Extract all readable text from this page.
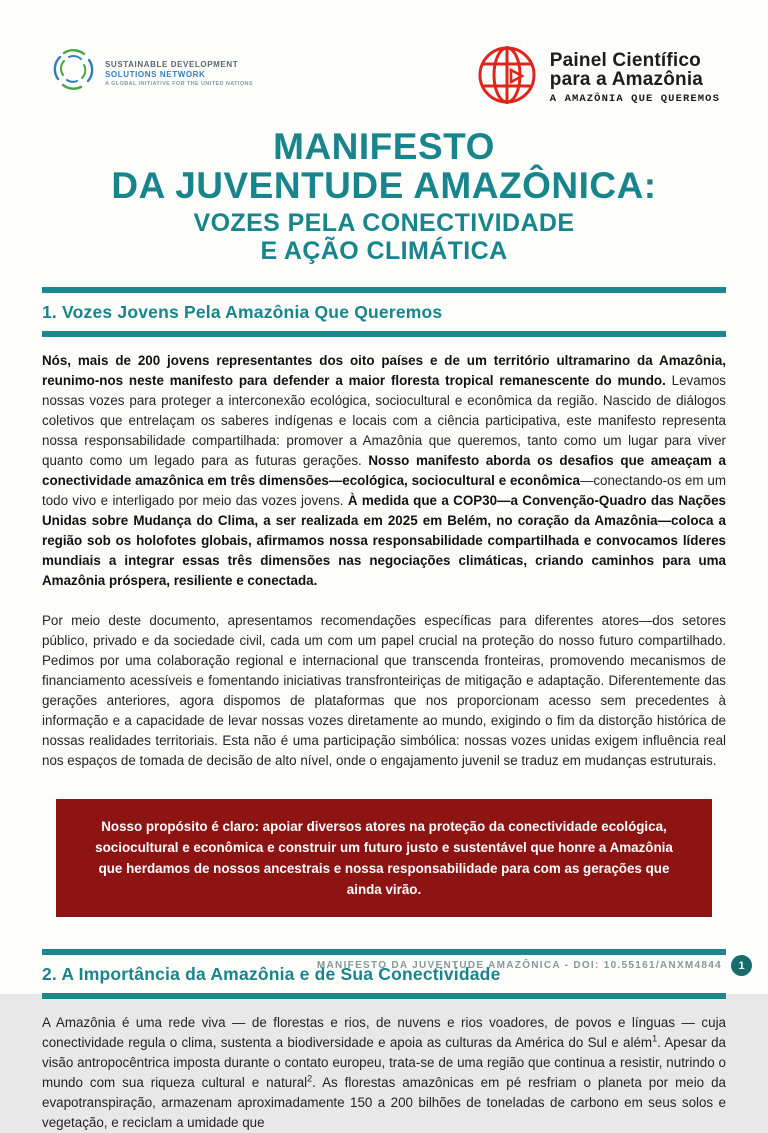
SUSTAINABLE DEVELOPMENT
SOLUTIONS NETWORK
A GLOBAL INITIATIVE FOR THE UNITED NATIONS
Painel Científico
para a Amazônia
A AMAZÔNIA QUE QUEREMOS
MANIFESTO
DA JUVENTUDE AMAZÔNICA:
VOZES PELA CONECTIVIDADE
E AÇÃO CLIMÁTICA
1. Vozes Jovens Pela Amazônia Que Queremos

Nós, mais de 200 jovens representantes dos oito países e de um território ultramarino da Amazônia, reunimo-nos neste manifesto para defender a maior floresta tropical remanescente do mundo. Levamos nossas vozes para proteger a interconexão ecológica, sociocultural e econômica da região. Nascido de diálogos coletivos que entrelaçam os saberes indígenas e locais com a ciência participativa, este manifesto representa nossa responsabilidade compartilhada: promover a Amazônia que queremos, tanto como um lugar para viver quanto como um legado para as futuras gerações. Nosso manifesto aborda os desafios que ameaçam a conectividade amazônica em três dimensões—ecológica, sociocultural e econômica—conectando-os em um todo vivo e interligado por meio das vozes jovens. À medida que a COP30—a Convenção-Quadro das Nações Unidas sobre Mudança do Clima, a ser realizada em 2025 em Belém, no coração da Amazônia—coloca a região sob os holofotes globais, afirmamos nossa responsabilidade compartilhada e convocamos líderes mundiais a integrar essas três dimensões nas negociações climáticas, criando caminhos para uma Amazônia próspera, resiliente e conectada.

Por meio deste documento, apresentamos recomendações específicas para diferentes atores—dos setores público, privado e da sociedade civil, cada um com um papel crucial na proteção do nosso futuro compartilhado. Pedimos por uma colaboração regional e internacional que transcenda fronteiras, promovendo mecanismos de financiamento acessíveis e fomentando iniciativas transfronteiriças de mitigação e adaptação. Diferentemente das gerações anteriores, agora dispomos de plataformas que nos proporcionam acesso sem precedentes à informação e a capacidade de levar nossas vozes diretamente ao mundo, exigindo o fim da distorção histórica de nossas realidades territoriais. Esta não é uma participação simbólica: nossas vozes unidas exigem influência real nos espaços de tomada de decisão de alto nível, onde o engajamento juvenil se traduz em mudanças estruturais.

Nosso propósito é claro: apoiar diversos atores na proteção da conectividade ecológica, sociocultural e econômica e construir um futuro justo e sustentável que honre a Amazônia que herdamos de nossos ancestrais e nossa responsabilidade para com as gerações que ainda virão.
2. A Importância da Amazônia e de Sua Conectividade

A Amazônia é uma rede viva — de florestas e rios, de nuvens e rios voadores, de povos e línguas — cuja conectividade regula o clima, sustenta a biodiversidade e apoia as culturas da América do Sul e além$^1$. Apesar da visão antropocêntrica imposta durante o contato europeu, trata-se de uma região que continua a resistir, nutrindo o mundo com sua riqueza cultural e natural$^2$. As florestas amazônicas em pé resfriam o planeta por meio da evapotranspiração, armazenam aproximadamente 150 a 200 bilhões de toneladas de carbono em seus solos e vegetação, e reciclam a umidade que

MANIFESTO DA JUVENTUDE AMAZÔNICA - DOI: 10.55161/ANXM4844	1
